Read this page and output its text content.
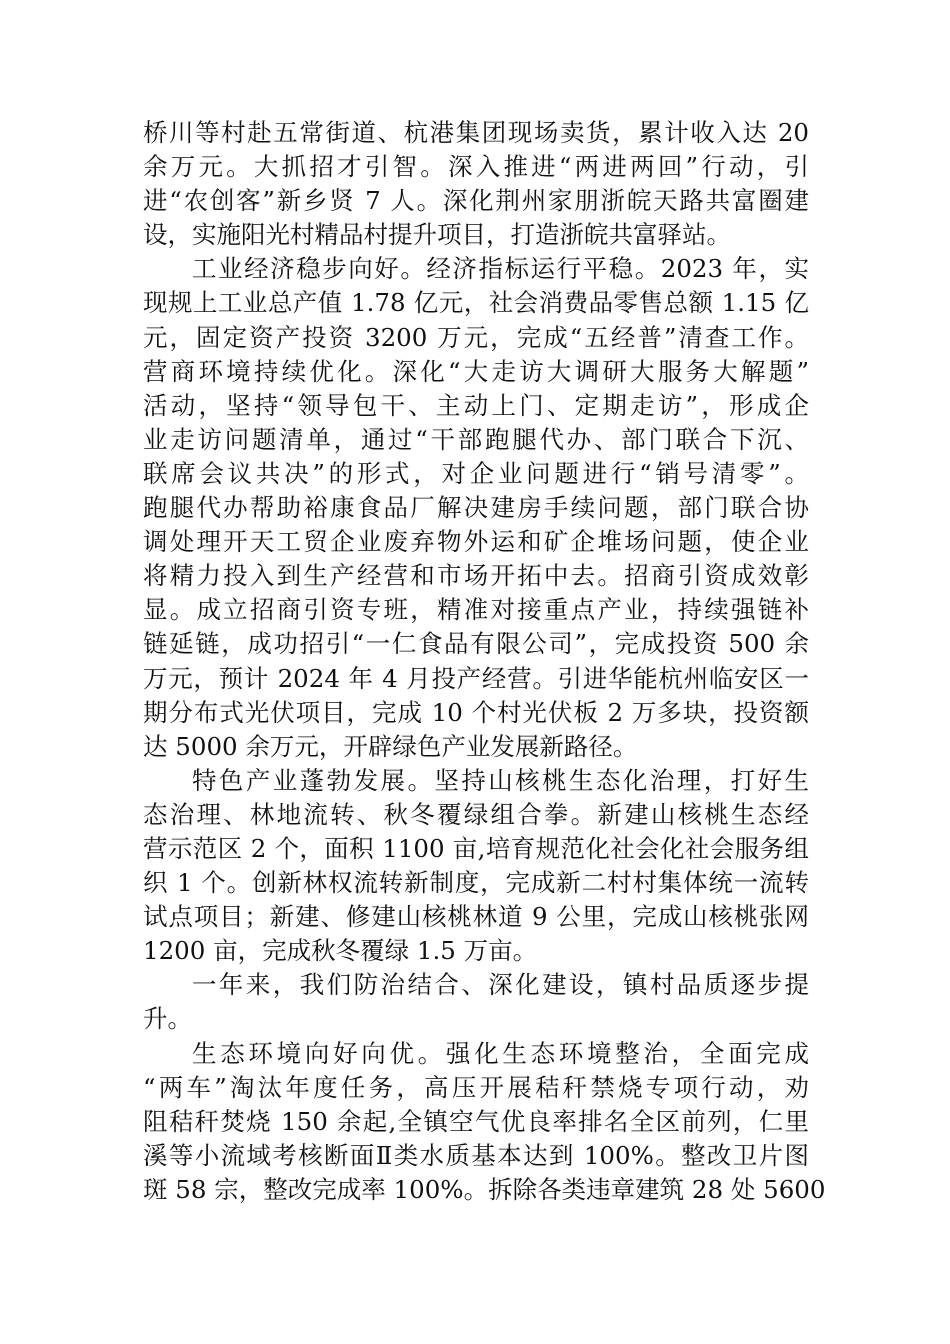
桥川等村赴五常街道、杭港集团现场卖货，累计收入达 20
余万元。大抓招才引智。深入推进“两进两回”行动，引
进“农创客”新乡贤 7 人。深化荆州家朋浙皖天路共富圈建
设，实施阳光村精品村提升项目，打造浙皖共富驿站。
工业经济稳步向好。经济指标运行平稳。2023 年，实
现规上工业总产值 1.78 亿元，社会消费品零售总额 1.15 亿
元，固定资产投资 3200 万元，完成“五经普”清查工作。
营商环境持续优化。深化“大走访大调研大服务大解题”
活动，坚持“领导包干、主动上门、定期走访”，形成企
业走访问题清单，通过“干部跑腿代办、部门联合下沉、
联席会议共决”的形式，对企业问题进行“销号清零”。
跑腿代办帮助裕康食品厂解决建房手续问题，部门联合协
调处理开天工贸企业废弃物外运和矿企堆场问题，使企业
将精力投入到生产经营和市场开拓中去。招商引资成效彰
显。成立招商引资专班，精准对接重点产业，持续强链补
链延链，成功招引“一仁食品有限公司”，完成投资 500 余
万元，预计 2024 年 4 月投产经营。引进华能杭州临安区一
期分布式光伏项目，完成 10 个村光伏板 2 万多块，投资额
达 5000 余万元，开辟绿色产业发展新路径。
特色产业蓬勃发展。坚持山核桃生态化治理，打好生
态治理、林地流转、秋冬覆绿组合拳。新建山核桃生态经
营示范区 2 个，面积 1100 亩,培育规范化社会化社会服务组
织 1 个。创新林权流转新制度，完成新二村村集体统一流转
试点项目；新建、修建山核桃林道 9 公里，完成山核桃张网
1200 亩，完成秋冬覆绿 1.5 万亩。
一年来，我们防治结合、深化建设，镇村品质逐步提
升。
生态环境向好向优。强化生态环境整治，全面完成
“两车”淘汰年度任务，高压开展秸秆禁烧专项行动，劝
阻秸秆焚烧 150 余起,全镇空气优良率排名全区前列，仁里
溪等小流域考核断面Ⅱ类水质基本达到 100%。整改卫片图
斑 58 宗，整改完成率 100%。拆除各类违章建筑 28 处 5600
